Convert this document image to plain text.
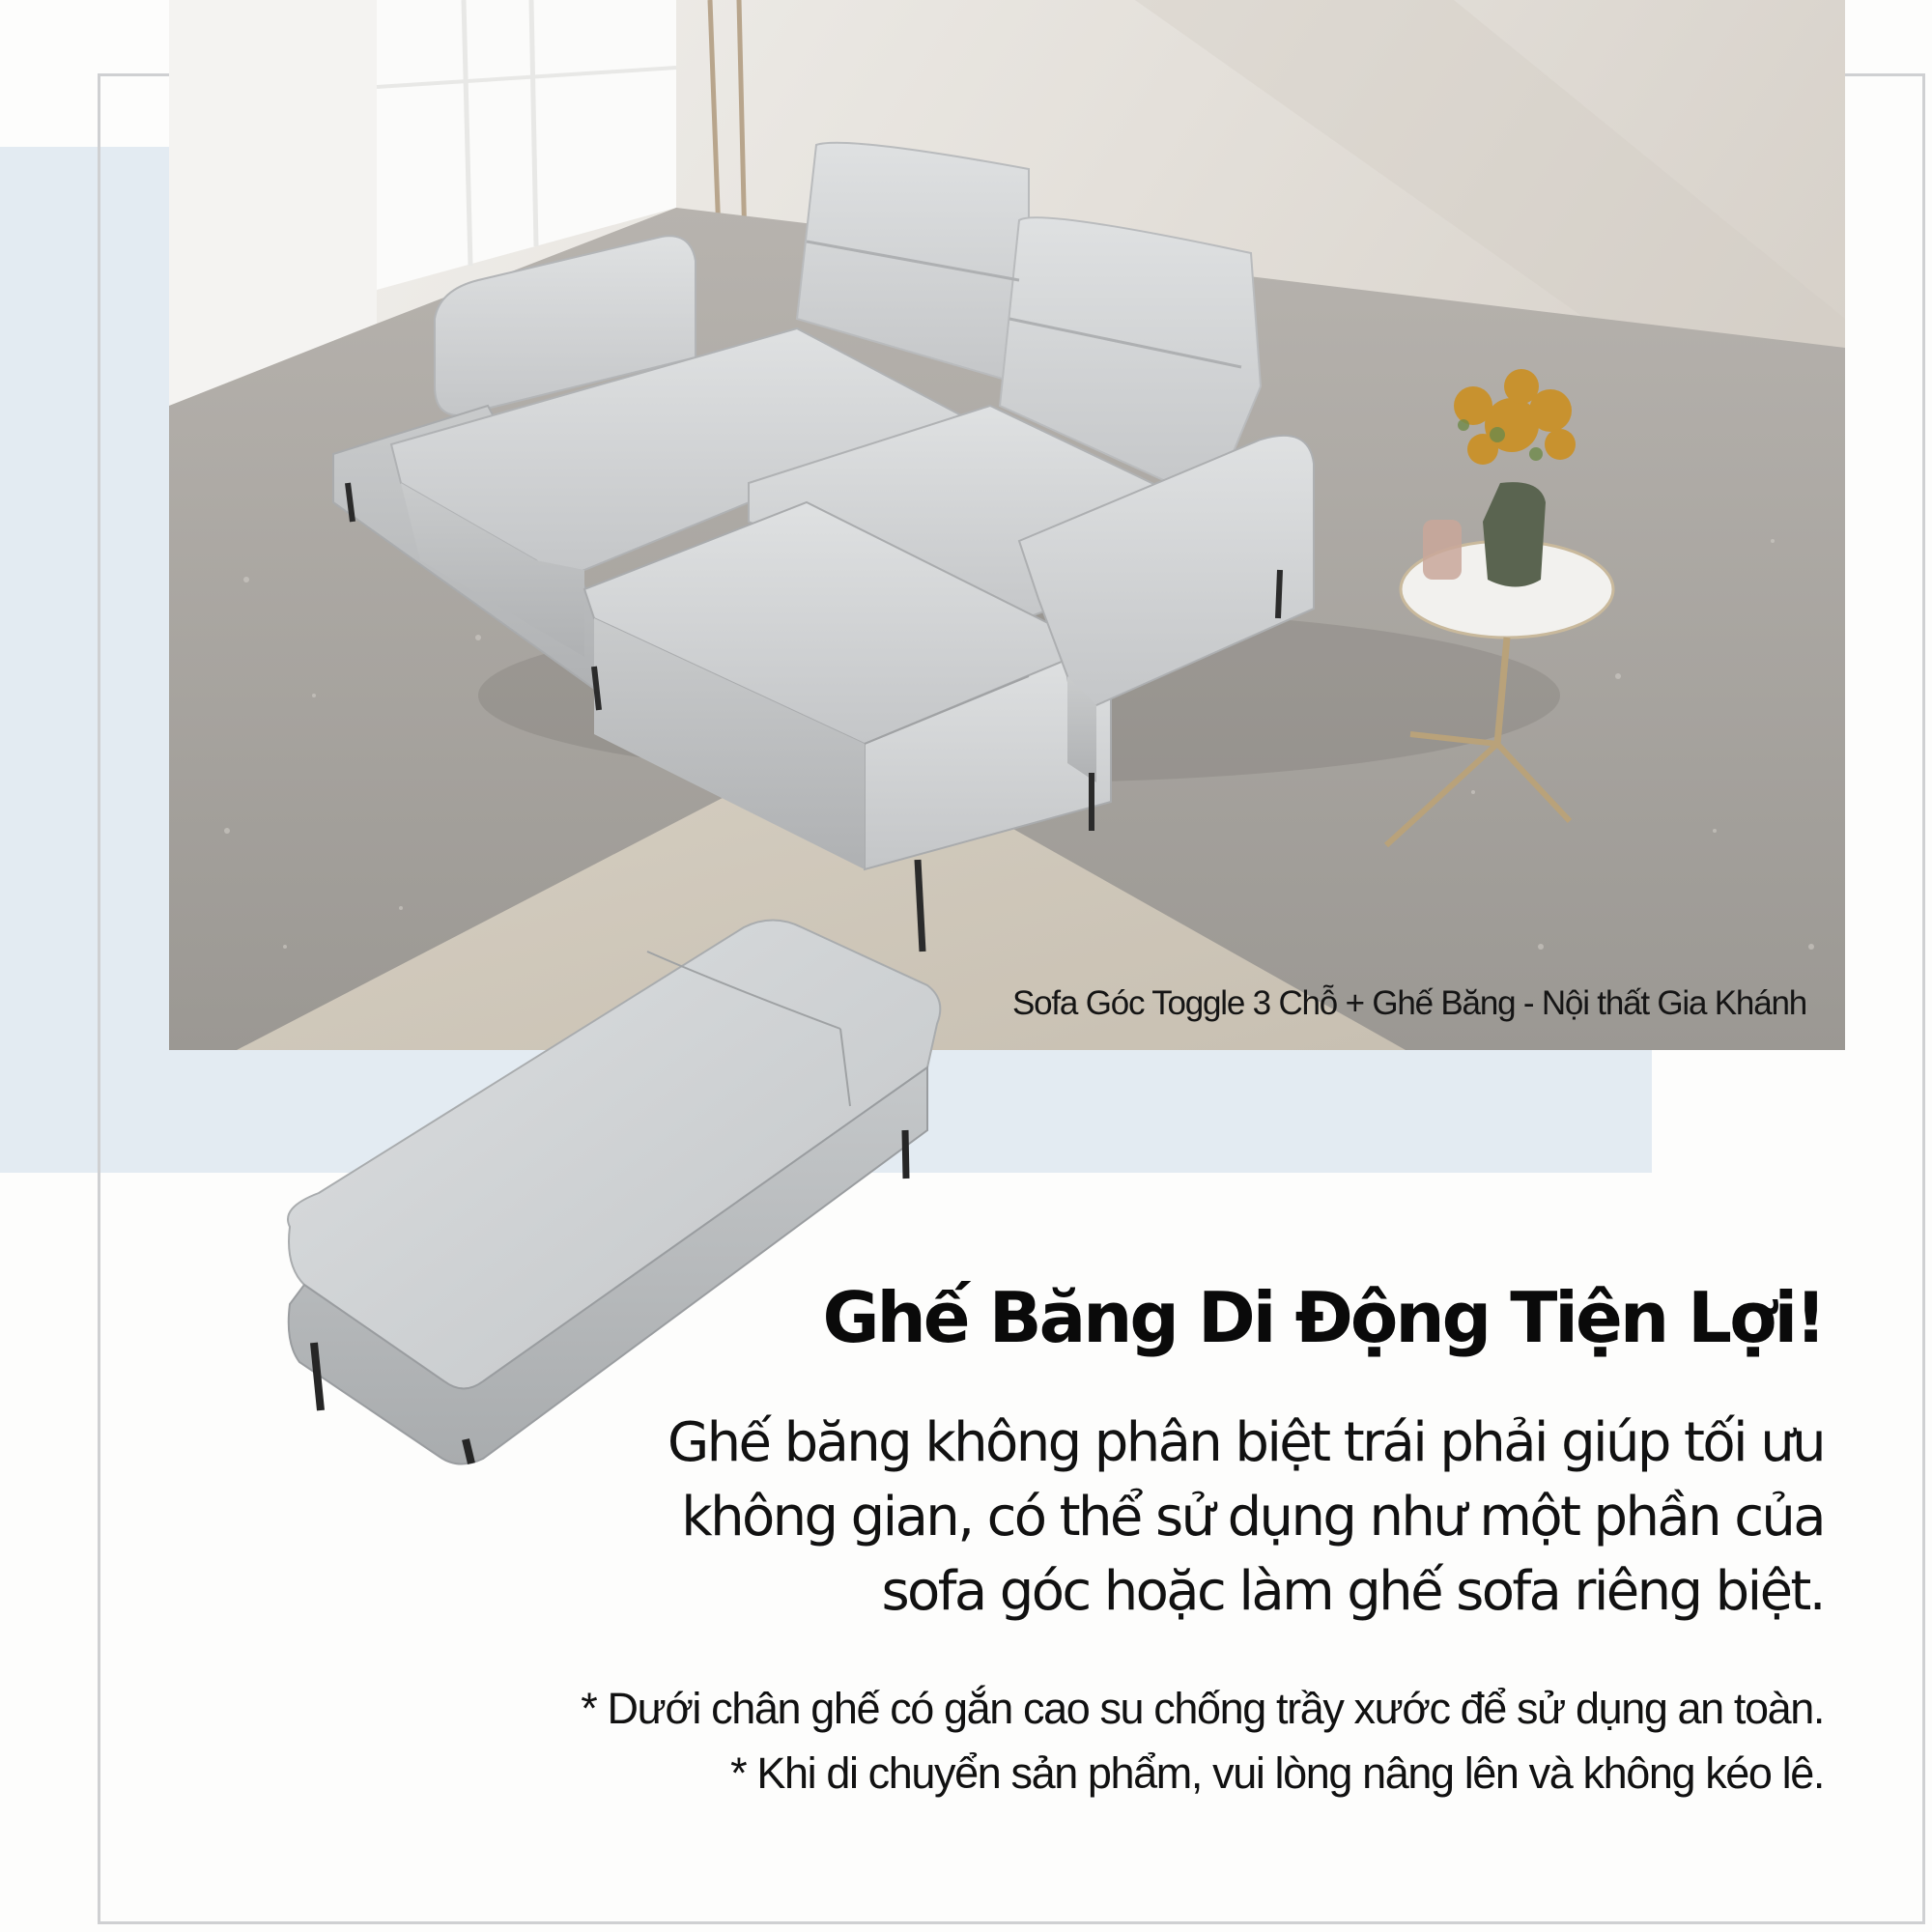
Sofa Góc Toggle 3 Chỗ + Ghế Băng - Nội thất Gia Khánh
Ghế Băng Di Động Tiện Lợi!

Ghế băng không phân biệt trái phải giúp tối ưu
không gian, có thể sử dụng như một phần của
sofa góc hoặc làm ghế sofa riêng biệt.

* Dưới chân ghế có gắn cao su chống trầy xước để sử dụng an toàn.
* Khi di chuyển sản phẩm, vui lòng nâng lên và không kéo lê.
